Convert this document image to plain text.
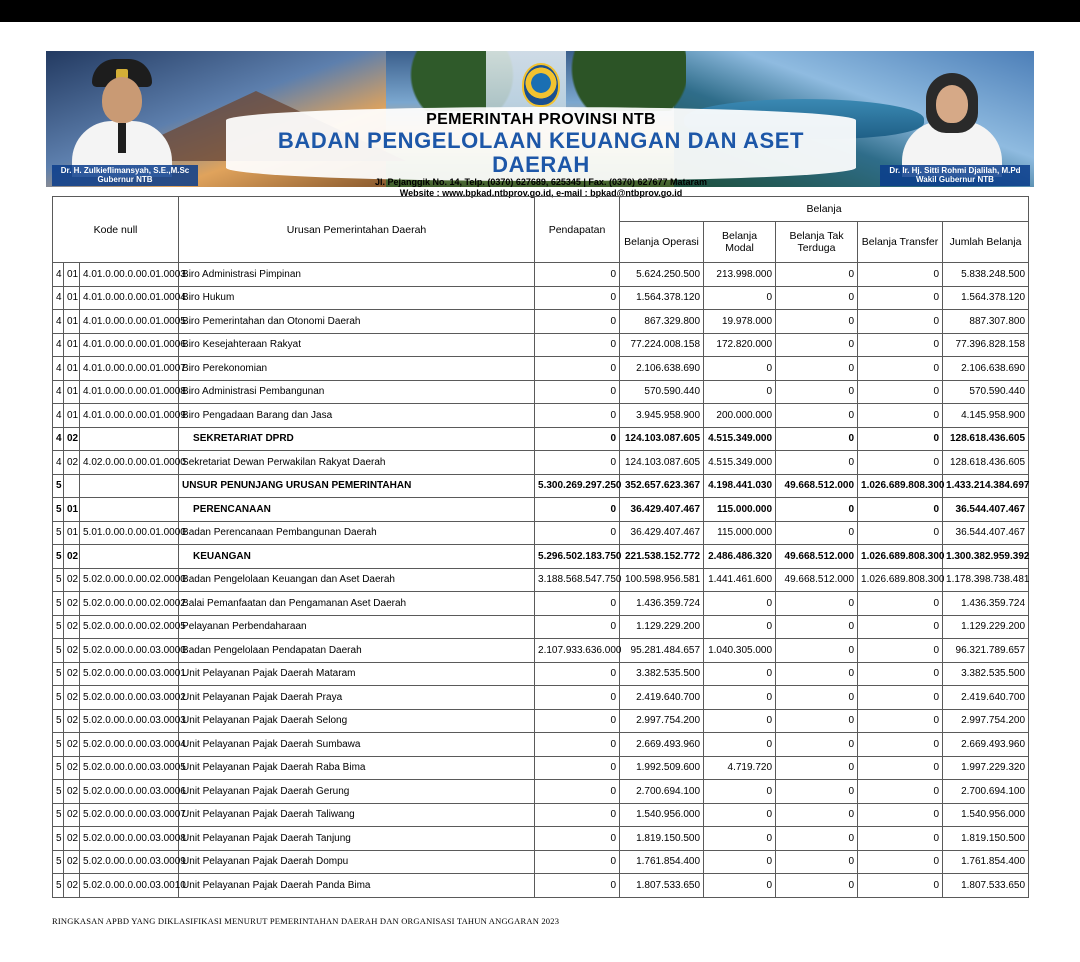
PEMERINTAH PROVINSI NTB
BADAN PENGELOLAAN KEUANGAN DAN ASET DAERAH
Jl. Pejanggik No. 14, Telp. (0370) 627689, 625345 | Fax. (0370) 627677 Mataram
Website : www.bpkad.ntbprov.go.id, e-mail : bpkad@ntbprov.go.id
Dr. H. Zulkieflimansyah, S.E.,M.Sc
Gubernur NTB
Dr. Ir. Hj. Sitti Rohmi Djalilah, M.Pd
Wakil Gubernur NTB
Kode null			Urusan Pemerintahan Daerah	Pendapatan	Belanja				
					Belanja Operasi	Belanja Modal	Belanja Tak Terduga	Belanja Transfer	Jumlah Belanja
4	01	4.01.0.00.0.00.01.0003	Biro Administrasi Pimpinan	0	5.624.250.500	213.998.000	0	0	5.838.248.500
4	01	4.01.0.00.0.00.01.0004	Biro Hukum	0	1.564.378.120	0	0	0	1.564.378.120
4	01	4.01.0.00.0.00.01.0005	Biro Pemerintahan dan Otonomi Daerah	0	867.329.800	19.978.000	0	0	887.307.800
4	01	4.01.0.00.0.00.01.0006	Biro Kesejahteraan Rakyat	0	77.224.008.158	172.820.000	0	0	77.396.828.158
4	01	4.01.0.00.0.00.01.0007	Biro Perekonomian	0	2.106.638.690	0	0	0	2.106.638.690
4	01	4.01.0.00.0.00.01.0008	Biro Administrasi Pembangunan	0	570.590.440	0	0	0	570.590.440
4	01	4.01.0.00.0.00.01.0009	Biro Pengadaan Barang dan Jasa	0	3.945.958.900	200.000.000	0	0	4.145.958.900
4	02		SEKRETARIAT DPRD	0	124.103.087.605	4.515.349.000	0	0	128.618.436.605
4	02	4.02.0.00.0.00.01.0000	Sekretariat Dewan Perwakilan Rakyat Daerah	0	124.103.087.605	4.515.349.000	0	0	128.618.436.605
5			UNSUR PENUNJANG URUSAN PEMERINTAHAN	5.300.269.297.250	352.657.623.367	4.198.441.030	49.668.512.000	1.026.689.808.300	1.433.214.384.697
5	01		PERENCANAAN	0	36.429.407.467	115.000.000	0	0	36.544.407.467
5	01	5.01.0.00.0.00.01.0000	Badan Perencanaan Pembangunan Daerah	0	36.429.407.467	115.000.000	0	0	36.544.407.467
5	02		KEUANGAN	5.296.502.183.750	221.538.152.772	2.486.486.320	49.668.512.000	1.026.689.808.300	1.300.382.959.392
5	02	5.02.0.00.0.00.02.0000	Badan Pengelolaan Keuangan dan Aset Daerah	3.188.568.547.750	100.598.956.581	1.441.461.600	49.668.512.000	1.026.689.808.300	1.178.398.738.481
5	02	5.02.0.00.0.00.02.0002	Balai Pemanfaatan dan Pengamanan Aset Daerah	0	1.436.359.724	0	0	0	1.436.359.724
5	02	5.02.0.00.0.00.02.0005	Pelayanan Perbendaharaan	0	1.129.229.200	0	0	0	1.129.229.200
5	02	5.02.0.00.0.00.03.0000	Badan Pengelolaan Pendapatan Daerah	2.107.933.636.000	95.281.484.657	1.040.305.000	0	0	96.321.789.657
5	02	5.02.0.00.0.00.03.0001	Unit Pelayanan Pajak Daerah Mataram	0	3.382.535.500	0	0	0	3.382.535.500
5	02	5.02.0.00.0.00.03.0002	Unit Pelayanan Pajak Daerah Praya	0	2.419.640.700	0	0	0	2.419.640.700
5	02	5.02.0.00.0.00.03.0003	Unit Pelayanan Pajak Daerah Selong	0	2.997.754.200	0	0	0	2.997.754.200
5	02	5.02.0.00.0.00.03.0004	Unit Pelayanan Pajak Daerah Sumbawa	0	2.669.493.960	0	0	0	2.669.493.960
5	02	5.02.0.00.0.00.03.0005	Unit Pelayanan Pajak Daerah Raba Bima	0	1.992.509.600	4.719.720	0	0	1.997.229.320
5	02	5.02.0.00.0.00.03.0006	Unit Pelayanan Pajak Daerah Gerung	0	2.700.694.100	0	0	0	2.700.694.100
5	02	5.02.0.00.0.00.03.0007	Unit Pelayanan Pajak Daerah Taliwang	0	1.540.956.000	0	0	0	1.540.956.000
5	02	5.02.0.00.0.00.03.0008	Unit Pelayanan Pajak Daerah Tanjung	0	1.819.150.500	0	0	0	1.819.150.500
5	02	5.02.0.00.0.00.03.0009	Unit Pelayanan Pajak Daerah Dompu	0	1.761.854.400	0	0	0	1.761.854.400
5	02	5.02.0.00.0.00.03.0010	Unit Pelayanan Pajak Daerah Panda Bima	0	1.807.533.650	0	0	0	1.807.533.650
RINGKASAN APBD YANG DIKLASIFIKASI MENURUT PEMERINTAHAN DAERAH DAN ORGANISASI TAHUN ANGGARAN 2023
